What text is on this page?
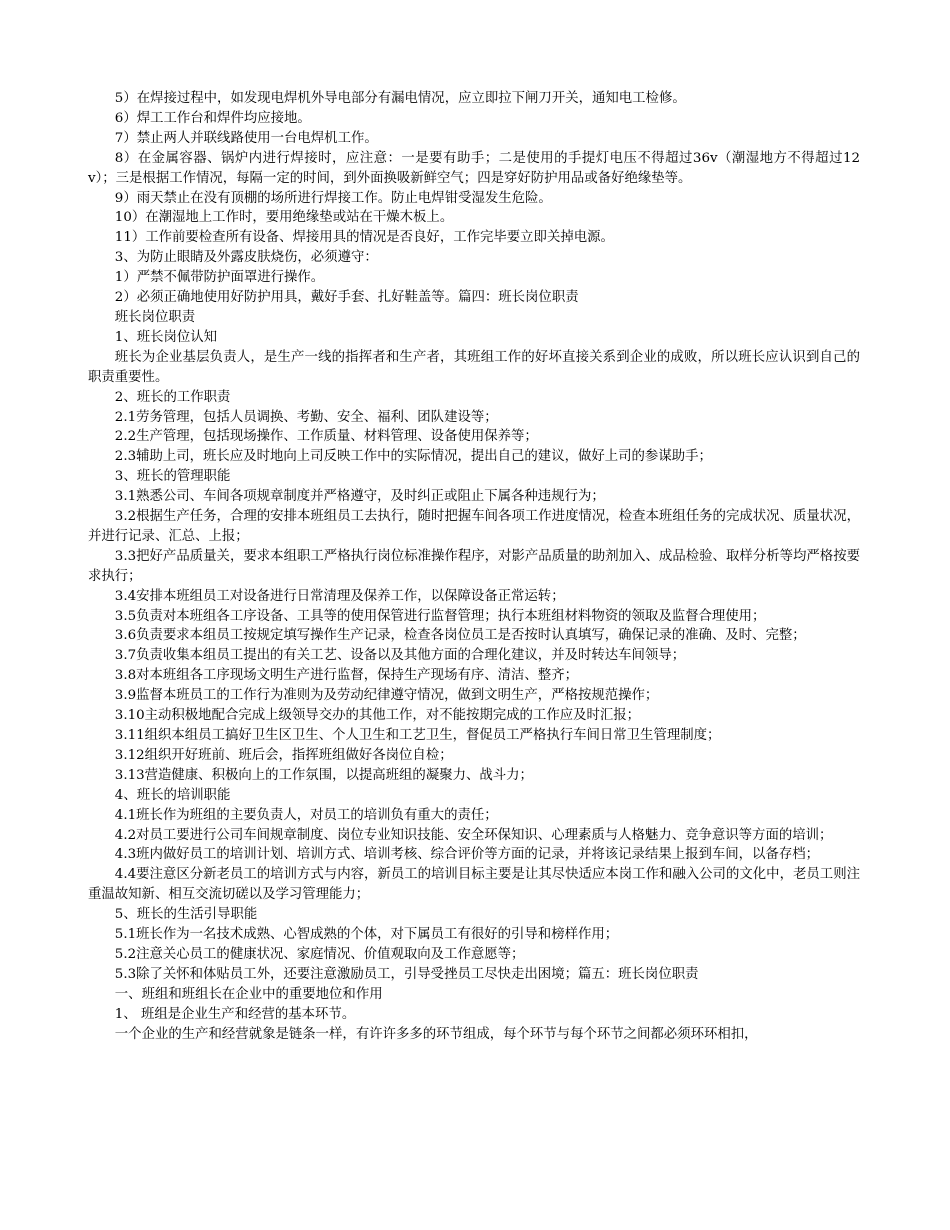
5）在焊接过程中，如发现电焊机外导电部分有漏电情况，应立即拉下闸刀开关，通知电工检修。

6）焊工工作台和焊件均应接地。

7）禁止两人并联线路使用一台电焊机工作。

8）在金属容器、锅炉内进行焊接时，应注意：一是要有助手；二是使用的手提灯电压不得超过36v（潮湿地方不得超过12v）；三是根据工作情况，每隔一定的时间，到外面换吸新鲜空气；四是穿好防护用品或备好绝缘垫等。

9）雨天禁止在没有顶棚的场所进行焊接工作。防止电焊钳受湿发生危险。

10）在潮湿地上工作时，要用绝缘垫或站在干燥木板上。

11）工作前要检查所有设备、焊接用具的情况是否良好，工作完毕要立即关掉电源。

3、为防止眼睛及外露皮肤烧伤，必须遵守：

1）严禁不佩带防护面罩进行操作。

2）必须正确地使用好防护用具，戴好手套、扎好鞋盖等。篇四：班长岗位职责

班长岗位职责

1、班长岗位认知

班长为企业基层负责人，是生产一线的指挥者和生产者，其班组工作的好坏直接关系到企业的成败，所以班长应认识到自己的职责重要性。

2、班长的工作职责

2.1劳务管理，包括人员调换、考勤、安全、福利、团队建设等；

2.2生产管理，包括现场操作、工作质量、材料管理、设备使用保养等；

2.3辅助上司，班长应及时地向上司反映工作中的实际情况，提出自己的建议，做好上司的参谋助手；

3、班长的管理职能

3.1熟悉公司、车间各项规章制度并严格遵守，及时纠正或阻止下属各种违规行为；

3.2根据生产任务，合理的安排本班组员工去执行，随时把握车间各项工作进度情况，检查本班组任务的完成状况、质量状况，并进行记录、汇总、上报；

3.3把好产品质量关，要求本组职工严格执行岗位标准操作程序，对影产品质量的助剂加入、成品检验、取样分析等均严格按要求执行；

3.4安排本班组员工对设备进行日常清理及保养工作，以保障设备正常运转；

3.5负责对本班组各工序设备、工具等的使用保管进行监督管理；执行本班组材料物资的领取及监督合理使用；

3.6负责要求本组员工按规定填写操作生产记录，检查各岗位员工是否按时认真填写，确保记录的准确、及时、完整；

3.7负责收集本组员工提出的有关工艺、设备以及其他方面的合理化建议，并及时转达车间领导；

3.8对本班组各工序现场文明生产进行监督，保持生产现场有序、清洁、整齐；

3.9监督本班员工的工作行为准则为及劳动纪律遵守情况，做到文明生产，严格按规范操作；

3.10主动积极地配合完成上级领导交办的其他工作，对不能按期完成的工作应及时汇报；

3.11组织本组员工搞好卫生区卫生、个人卫生和工艺卫生，督促员工严格执行车间日常卫生管理制度；

3.12组织开好班前、班后会，指挥班组做好各岗位自检；

3.13营造健康、积极向上的工作氛围，以提高班组的凝聚力、战斗力；

4、班长的培训职能

4.1班长作为班组的主要负责人，对员工的培训负有重大的责任；

4.2对员工要进行公司车间规章制度、岗位专业知识技能、安全环保知识、心理素质与人格魅力、竞争意识等方面的培训；

4.3班内做好员工的培训计划、培训方式、培训考核、综合评价等方面的记录，并将该记录结果上报到车间，以备存档；

4.4要注意区分新老员工的培训方式与内容，新员工的培训目标主要是让其尽快适应本岗工作和融入公司的文化中，老员工则注重温故知新、相互交流切磋以及学习管理能力；

5、班长的生活引导职能

5.1班长作为一名技术成熟、心智成熟的个体，对下属员工有很好的引导和榜样作用；

5.2注意关心员工的健康状况、家庭情况、价值观取向及工作意愿等；

5.3除了关怀和体贴员工外，还要注意激励员工，引导受挫员工尽快走出困境；篇五：班长岗位职责

一、班组和班组长在企业中的重要地位和作用

1、 班组是企业生产和经营的基本环节。

一个企业的生产和经营就象是链条一样，有许许多多的环节组成，每个环节与每个环节之间都必须环环相扣，
